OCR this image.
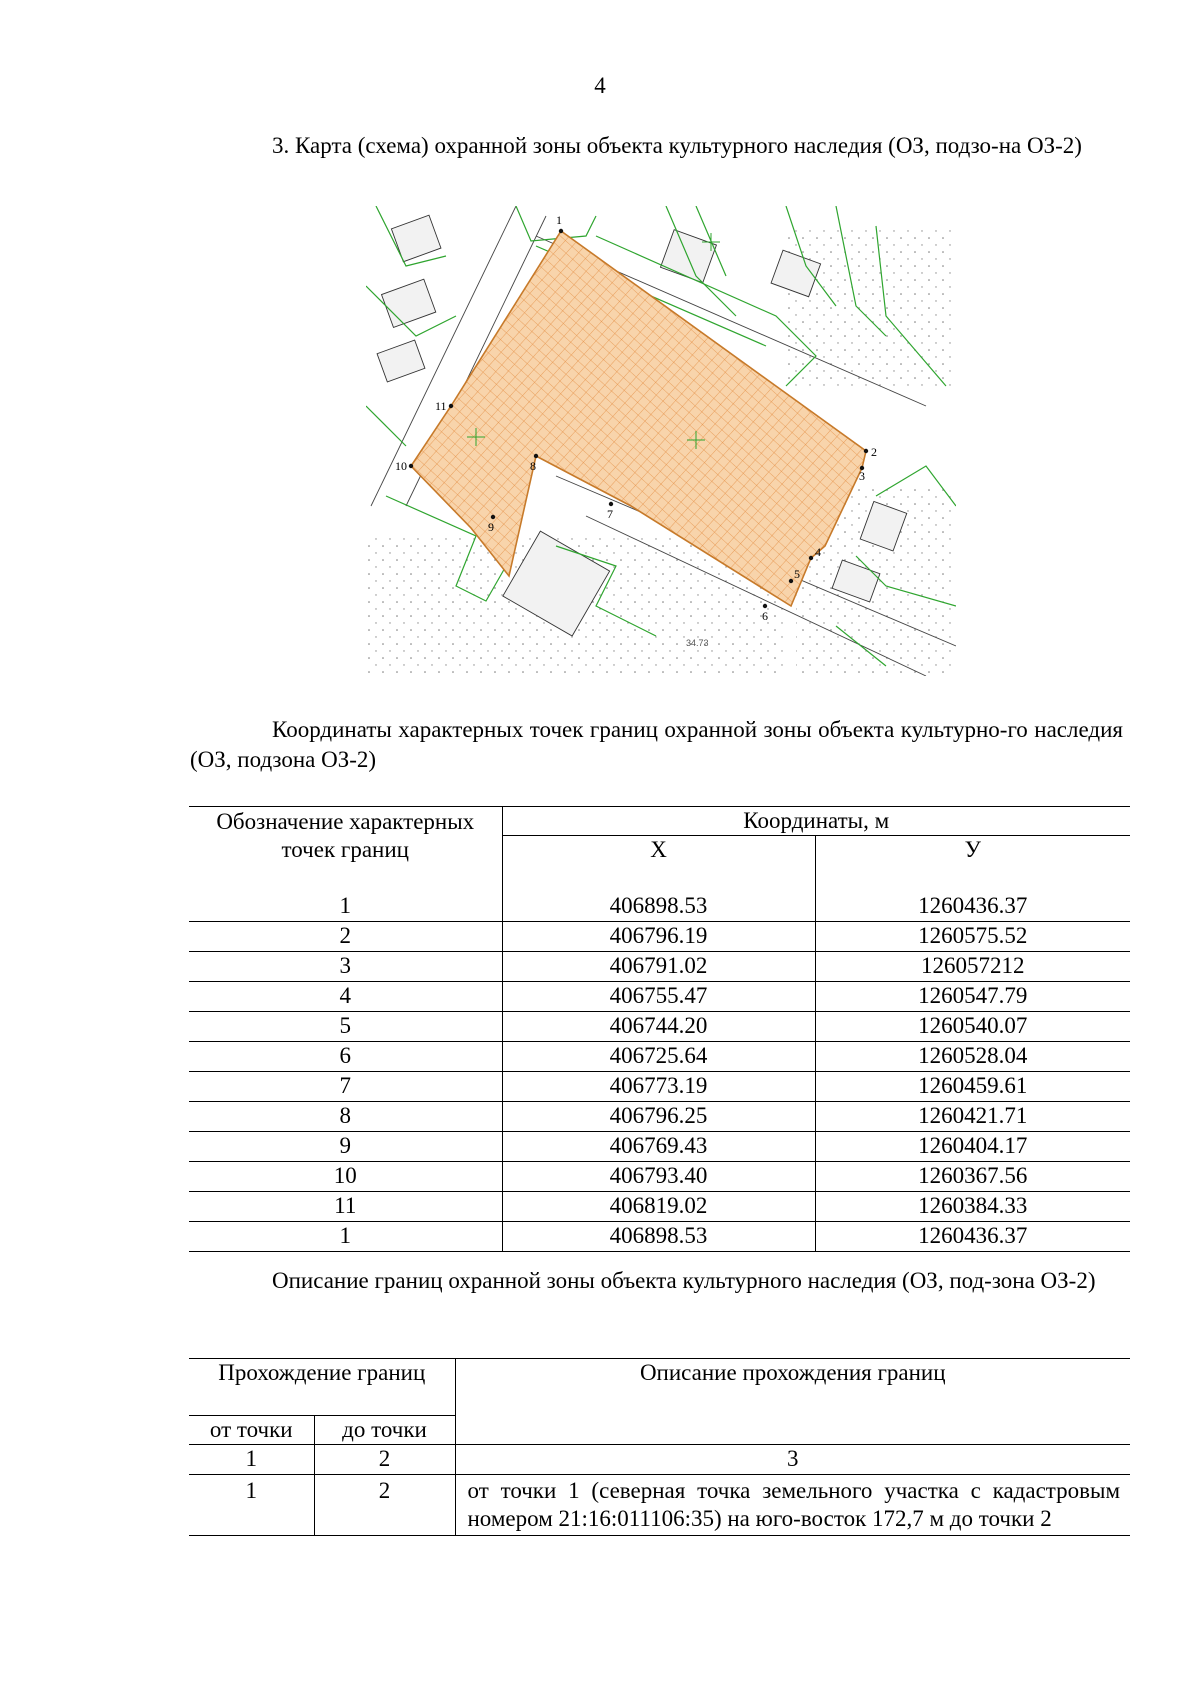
4
3. Карта (схема) охранной зоны объекта культурного наследия (ОЗ, подзо-на ОЗ-2)
1
2
3
4
5
6
7
8
9
10
11
34.73
Координаты характерных точек границ охранной зоны объекта культурно-го наследия (ОЗ, подзона ОЗ-2)
Обозначение характерных точек границ	Координаты, м	
	X	У
1	406898.53	1260436.37
2	406796.19	1260575.52
3	406791.02	126057212
4	406755.47	1260547.79
5	406744.20	1260540.07
6	406725.64	1260528.04
7	406773.19	1260459.61
8	406796.25	1260421.71
9	406769.43	1260404.17
10	406793.40	1260367.56
11	406819.02	1260384.33
1	406898.53	1260436.37
Описание границ охранной зоны объекта культурного наследия (ОЗ, под-зона ОЗ-2)
Прохождение границ		Описание прохождения границ
от точки	до точки	
1	2	3
1	2	от точки 1 (северная точка земельного участка с кадастровым номером 21:16:011106:35) на юго-восток 172,7 м до точки 2
